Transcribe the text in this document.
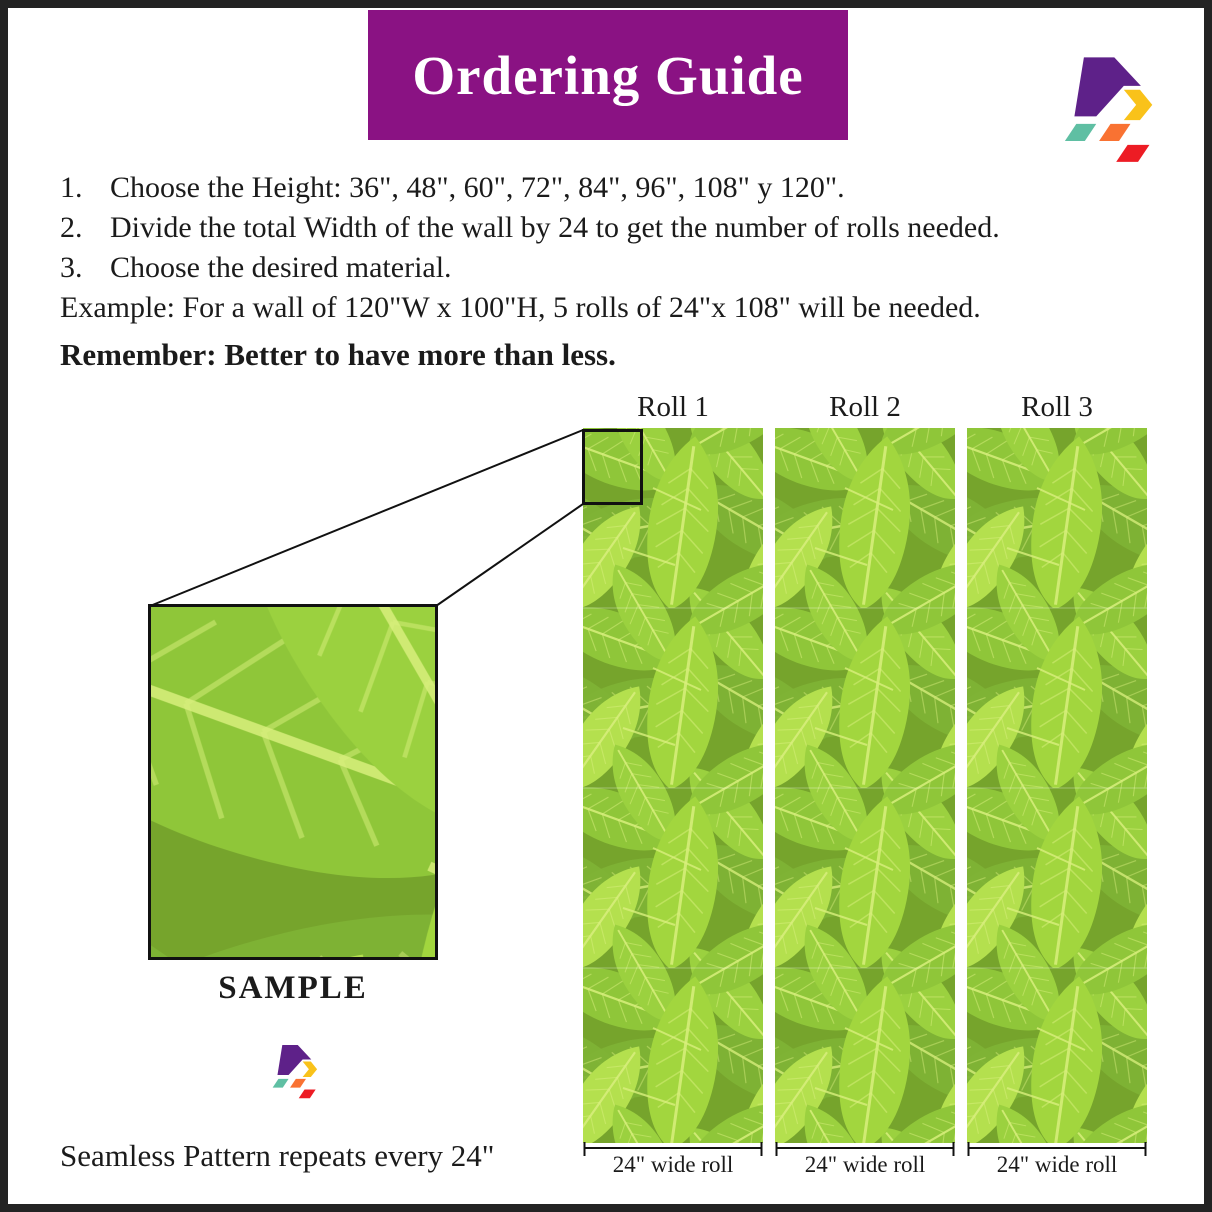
Ordering Guide
1. Choose the Height: 36", 48", 60", 72", 84", 96", 108" y 120".
2. Divide the total Width of the wall by 24 to get the number of rolls needed.
3. Choose the desired material.
Example: For a wall of 120"W x 100"H, 5 rolls of 24"x 108" will be needed.
Remember: Better to have more than less.
Roll 1	Roll 2	Roll 3
SAMPLE
24" wide roll	24" wide roll	24" wide roll
Seamless Pattern repeats every 24"
